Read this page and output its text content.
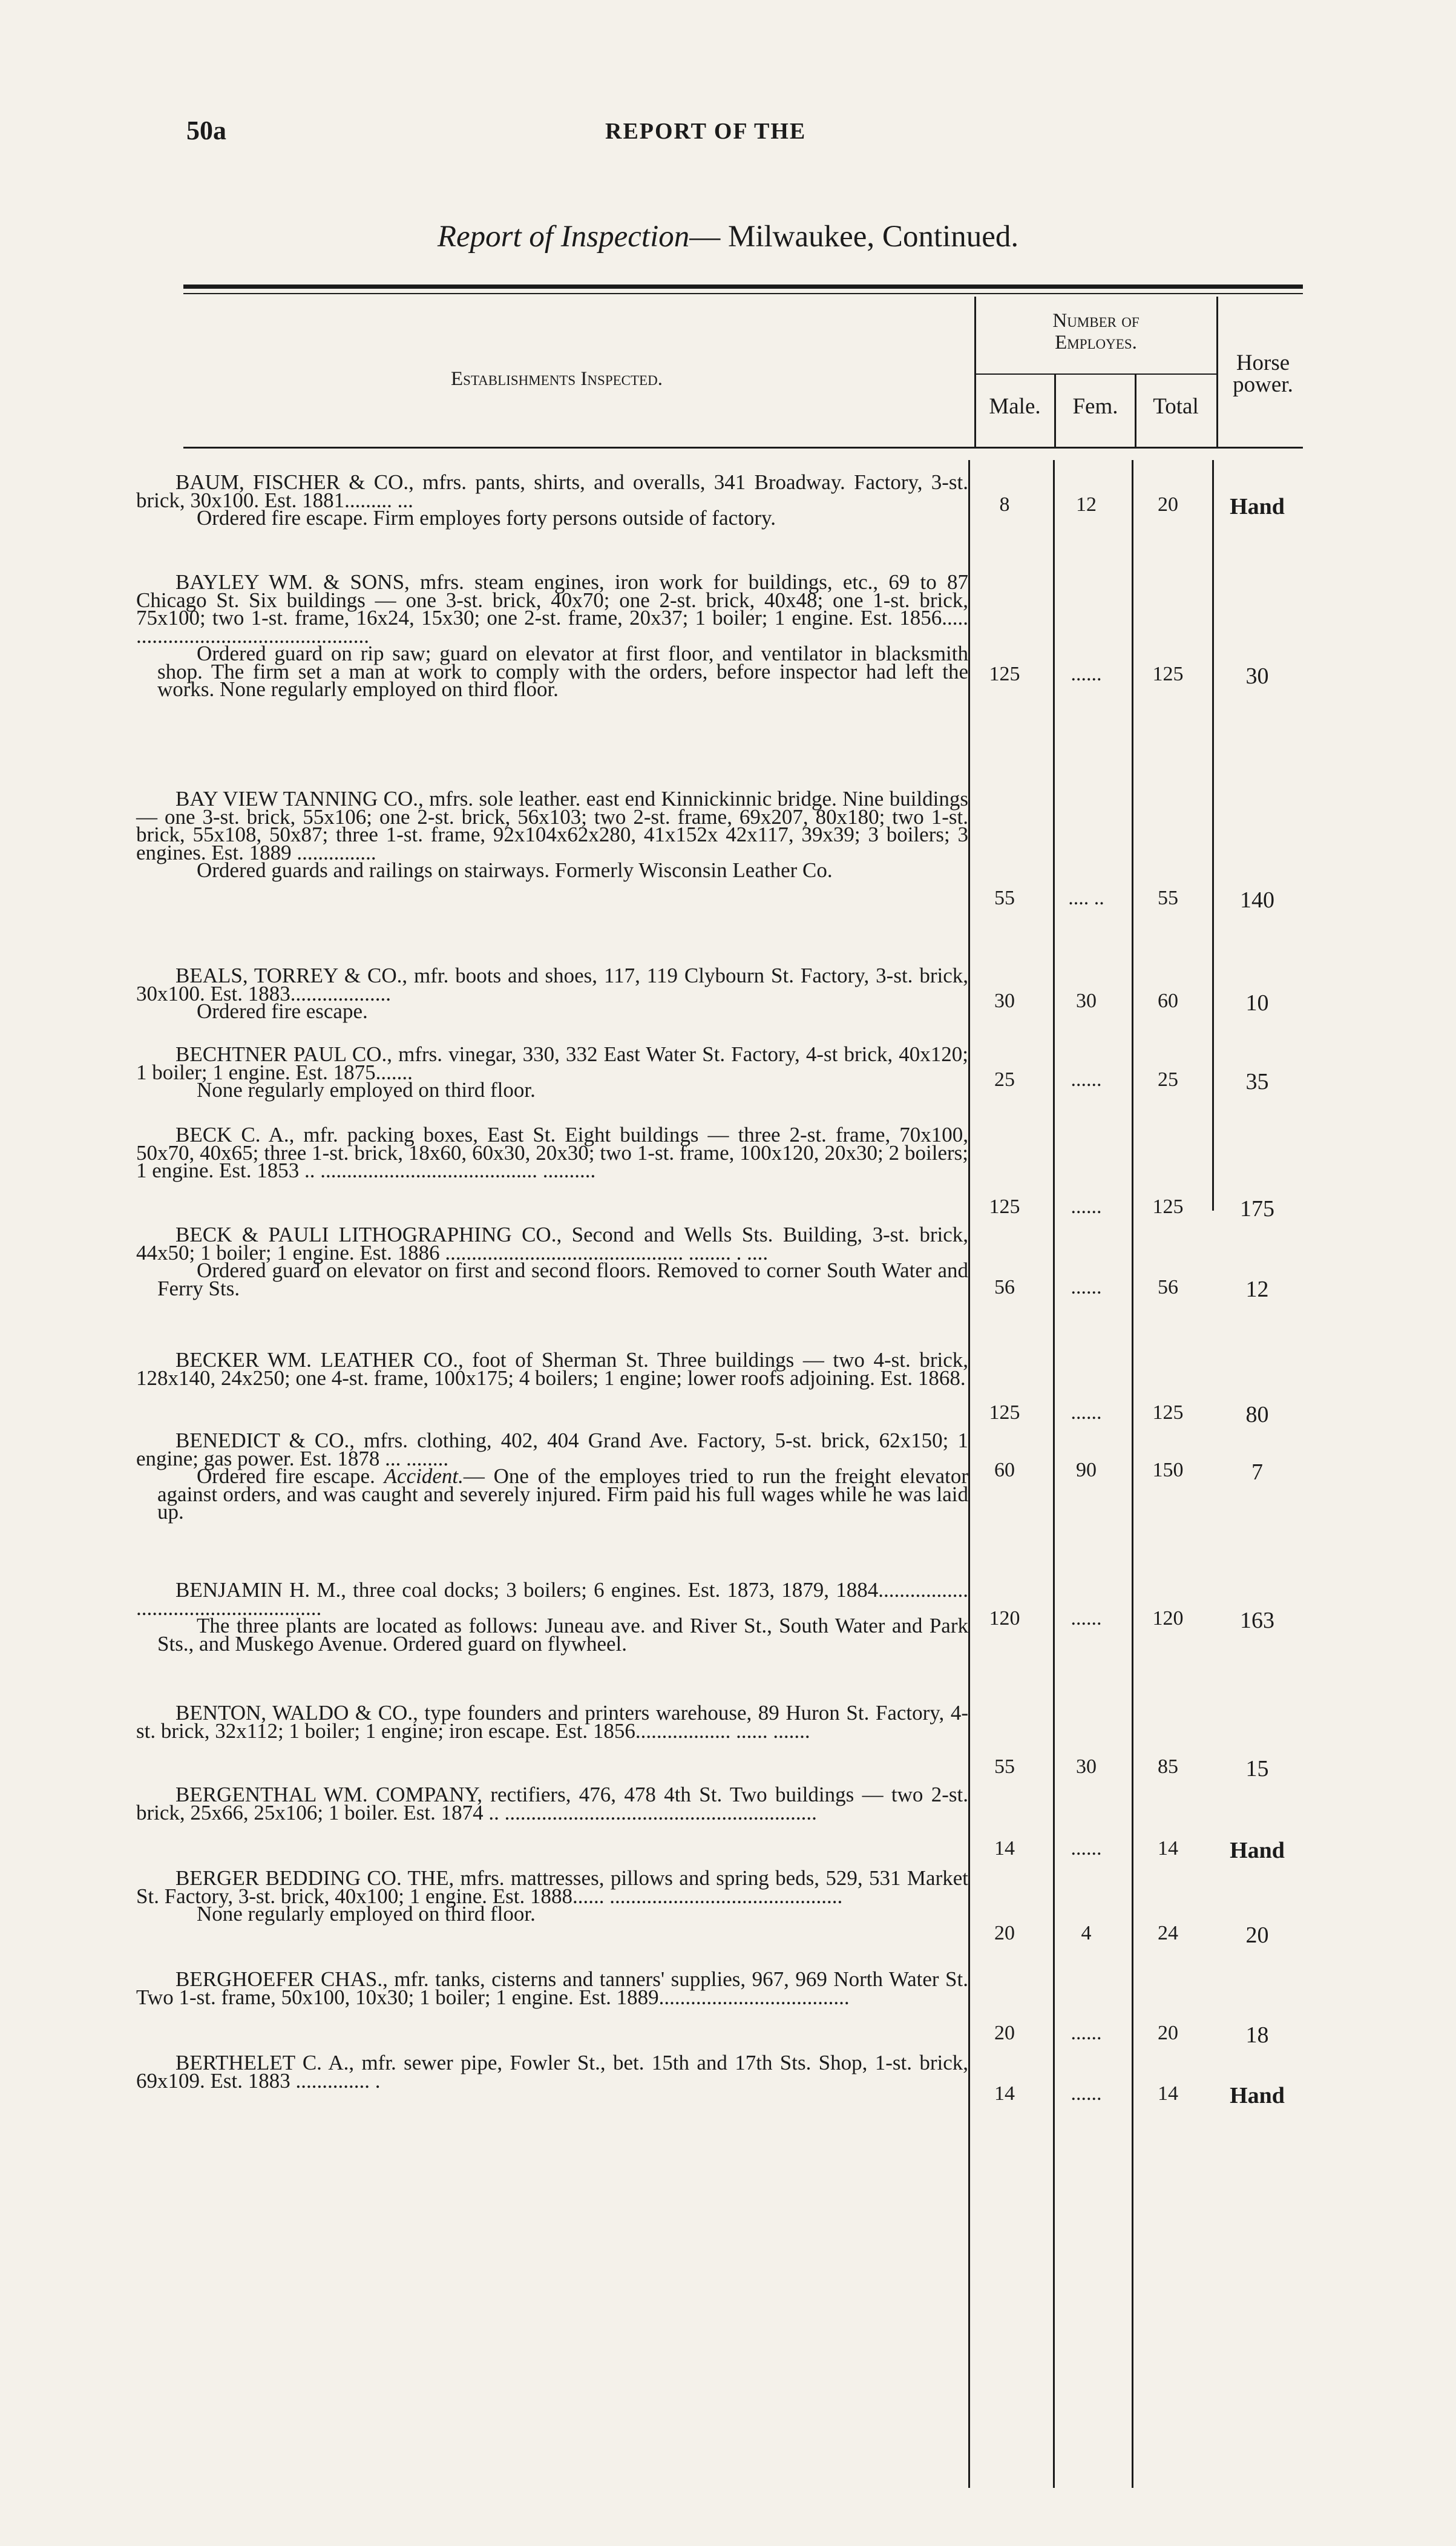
50a	REPORT OF THE
Report of Inspection— Milwaukee, Continued.
Establishments Inspected.
Number of
Employes.
Male.	Fem.	Total
Horse
power.

BAUM, FISCHER & CO., mfrs. pants, shirts, and overalls, 341 Broadway. Factory, 3-st. brick, 30x100. Est. 1881......... ...

Ordered fire escape. Firm employes forty persons outside of factory.

8	12	20	Hand

BAYLEY WM. & SONS, mfrs. steam engines, iron work for buildings, etc., 69 to 87 Chicago St. Six buildings — one 3-st. brick, 40x70; one 2-st. brick, 40x48; one 1-st. brick, 75x100; two 1-st. frame, 16x24, 15x30; one 2-st. frame, 20x37; 1 boiler; 1 engine. Est. 1856..... ............................................

Ordered guard on rip saw; guard on elevator at first floor, and ventilator in blacksmith shop. The firm set a man at work to comply with the orders, before inspector had left the works. None regularly employed on third floor.

125	......	125	30

BAY VIEW TANNING CO., mfrs. sole leather. east end Kinnickinnic bridge. Nine buildings — one 3-st. brick, 55x106; one 2-st. brick, 56x103; two 2-st. frame, 69x207, 80x180; two 1-st. brick, 55x108, 50x87; three 1-st. frame, 92x104x62x280, 41x152x 42x117, 39x39; 3 boilers; 3 engines. Est. 1889 ...............

Ordered guards and railings on stairways. Formerly Wisconsin Leather Co.

55	.... ..	55	140

BEALS, TORREY & CO., mfr. boots and shoes, 117, 119 Clybourn St. Factory, 3-st. brick, 30x100. Est. 1883...................

Ordered fire escape.	30	30	60	10

BECHTNER PAUL CO., mfrs. vinegar, 330, 332 East Water St. Factory, 4-st brick, 40x120; 1 boiler; 1 engine. Est. 1875.......

None regularly employed on third floor.	25	......	25	35

BECK C. A., mfr. packing boxes, East St. Eight buildings — three 2-st. frame, 70x100, 50x70, 40x65; three 1-st. brick, 18x60, 60x30, 20x30; two 1-st. frame, 100x120, 20x30; 2 boilers; 1 engine. Est. 1853 .. ......................................... ..........

125	......	125	175

BECK & PAULI LITHOGRAPHING CO., Second and Wells Sts. Building, 3-st. brick, 44x50; 1 boiler; 1 engine. Est. 1886 ............................................. ........ . ....

Ordered guard on elevator on first and second floors. Removed to corner South Water and Ferry Sts.	56	......	56	12

BECKER WM. LEATHER CO., foot of Sherman St. Three buildings — two 4-st. brick, 128x140, 24x250; one 4-st. frame, 100x175; 4 boilers; 1 engine; lower roofs adjoining. Est. 1868.

125	......	125	80

BENEDICT & CO., mfrs. clothing, 402, 404 Grand Ave. Factory, 5-st. brick, 62x150; 1 engine; gas power. Est. 1878 ... ........

Ordered fire escape. Accident.— One of the employes tried to run the freight elevator against orders, and was caught and severely injured. Firm paid his full wages while he was laid up.

60	90	150	7

BENJAMIN H. M., three coal docks; 3 boilers; 6 engines. Est. 1873, 1879, 1884................. ...................................

The three plants are located as follows: Juneau ave. and River St., South Water and Park Sts., and Muskego Avenue. Ordered guard on flywheel.

120	......	120	163

BENTON, WALDO & CO., type founders and printers warehouse, 89 Huron St. Factory, 4-st. brick, 32x112; 1 boiler; 1 engine; iron escape. Est. 1856.................. ...... .......

55	30	85	15

BERGENTHAL WM. COMPANY, rectifiers, 476, 478 4th St. Two buildings — two 2-st. brick, 25x66, 25x106; 1 boiler. Est. 1874 .. ...........................................................

14	......	14	Hand

BERGER BEDDING CO. THE, mfrs. mattresses, pillows and spring beds, 529, 531 Market St. Factory, 3-st. brick, 40x100; 1 engine. Est. 1888...... ............................................

None regularly employed on third floor.

20	4	24	20

BERGHOEFER CHAS., mfr. tanks, cisterns and tanners' supplies, 967, 969 North Water St. Two 1-st. frame, 50x100, 10x30; 1 boiler; 1 engine. Est. 1889....................................

20	......	20	18

BERTHELET C. A., mfr. sewer pipe, Fowler St., bet. 15th and 17th Sts. Shop, 1-st. brick, 69x109. Est. 1883 .............. .

14	......	14	Hand
